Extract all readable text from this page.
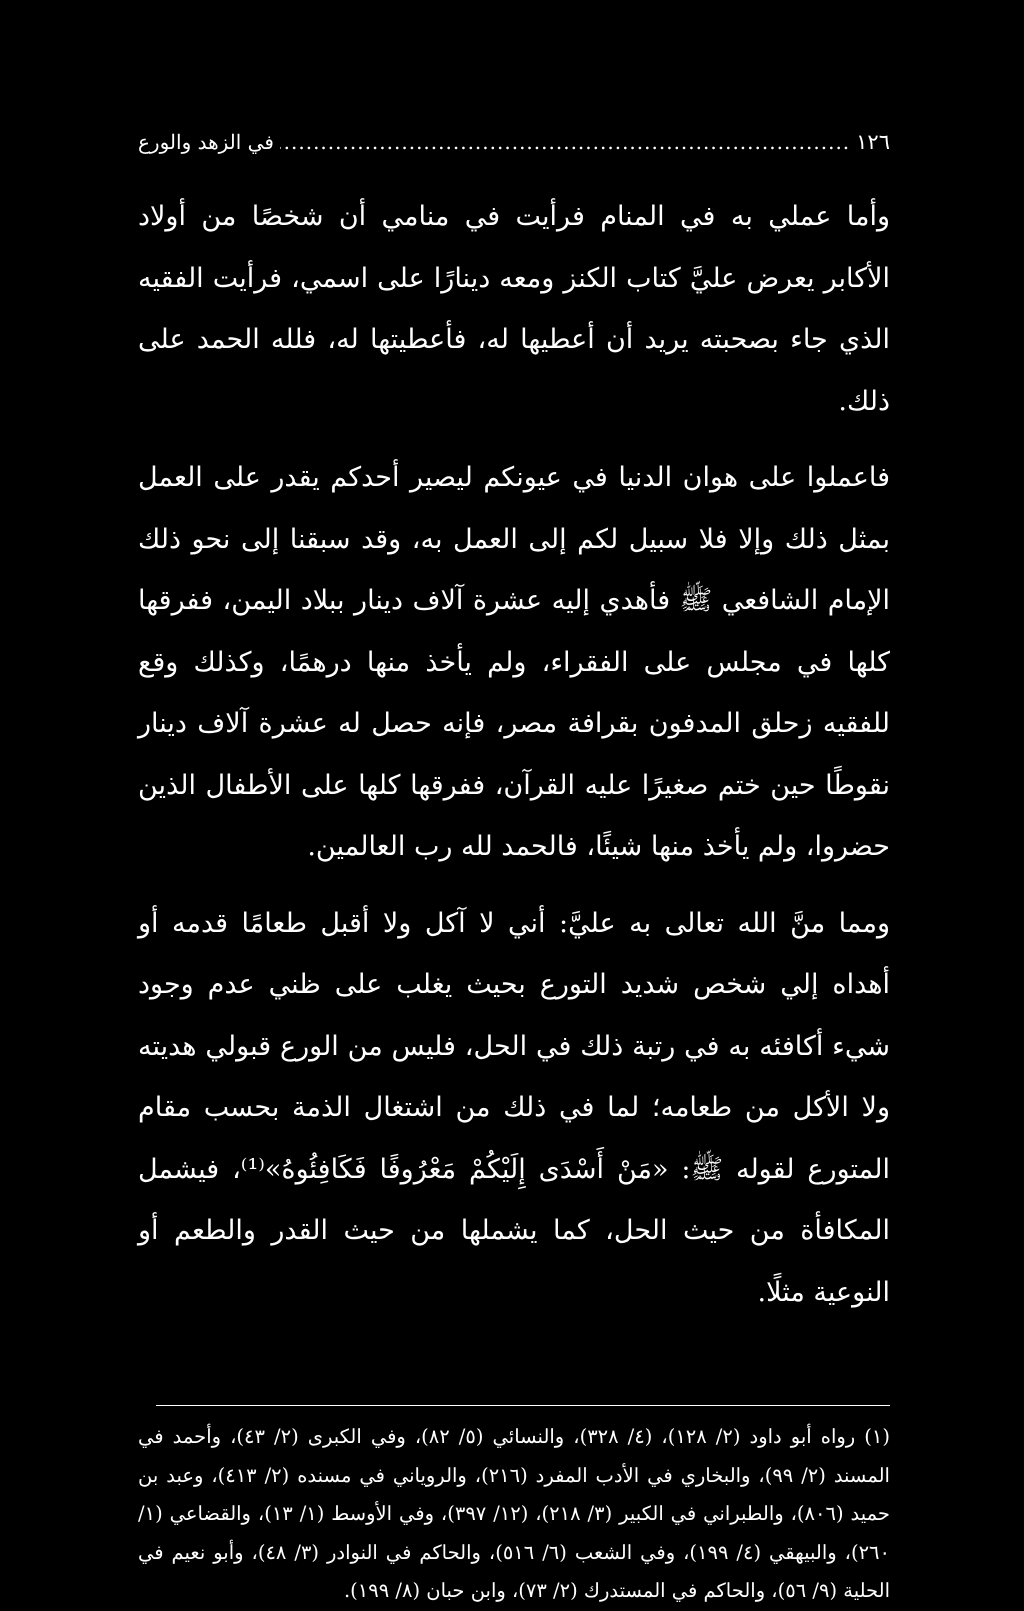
١٢٦
.....
في الزهد والورع

وأما عملي به في المنام فرأيت في منامي أن شخصًا من أولاد الأكابر يعرض عليَّ كتاب الكنز ومعه دينارًا على اسمي، فرأيت الفقيه الذي جاء بصحبته يريد أن أعطيها له، فأعطيتها له، فلله الحمد على ذلك.

فاعملوا على هوان الدنيا في عيونكم ليصير أحدكم يقدر على العمل بمثل ذلك وإلا فلا سبيل لكم إلى العمل به، وقد سبقنا إلى نحو ذلك الإمام الشافعي ﷺ فأهدي إليه عشرة آلاف دينار ببلاد اليمن، ففرقها كلها في مجلس على الفقراء، ولم يأخذ منها درهمًا، وكذلك وقع للفقيه زحلق المدفون بقرافة مصر، فإنه حصل له عشرة آلاف دينار نقوطًا حين ختم صغيرًا عليه القرآن، ففرقها كلها على الأطفال الذين حضروا، ولم يأخذ منها شيئًا، فالحمد لله رب العالمين.

ومما منَّ الله تعالى به عليَّ: أني لا آكل ولا أقبل طعامًا قدمه أو أهداه إلي شخص شديد التورع بحيث يغلب على ظني عدم وجود شيء أكافئه به في رتبة ذلك في الحل، فليس من الورع قبولي هديته ولا الأكل من طعامه؛ لما في ذلك من اشتغال الذمة بحسب مقام المتورع لقوله ﷺ: «مَنْ أَسْدَى إِلَيْكُمْ مَعْرُوفًا فَكَافِئُوهُ»⁽¹⁾، فيشمل المكافأة من حيث الحل، كما يشملها من حيث القدر والطعم أو النوعية مثلًا.

(١) رواه أبو داود (٢/ ١٢٨)، (٤/ ٣٢٨)، والنسائي (٥/ ٨٢)، وفي الكبرى (٢/ ٤٣)، وأحمد في المسند (٢/ ٩٩)، والبخاري في الأدب المفرد (٢١٦)، والروياني في مسنده (٢/ ٤١٣)، وعبد بن حميد (٨٠٦)، والطبراني في الكبير (٣/ ٢١٨)، (١٢/ ٣٩٧)، وفي الأوسط (١/ ١٣)، والقضاعي (١/ ٢٦٠)، والبيهقي (٤/ ١٩٩)، وفي الشعب (٦/ ٥١٦)، والحاكم في النوادر (٣/ ٤٨)، وأبو نعيم في الحلية (٩/ ٥٦)، والحاكم في المستدرك (٢/ ٧٣)، وابن حبان (٨/ ١٩٩).
